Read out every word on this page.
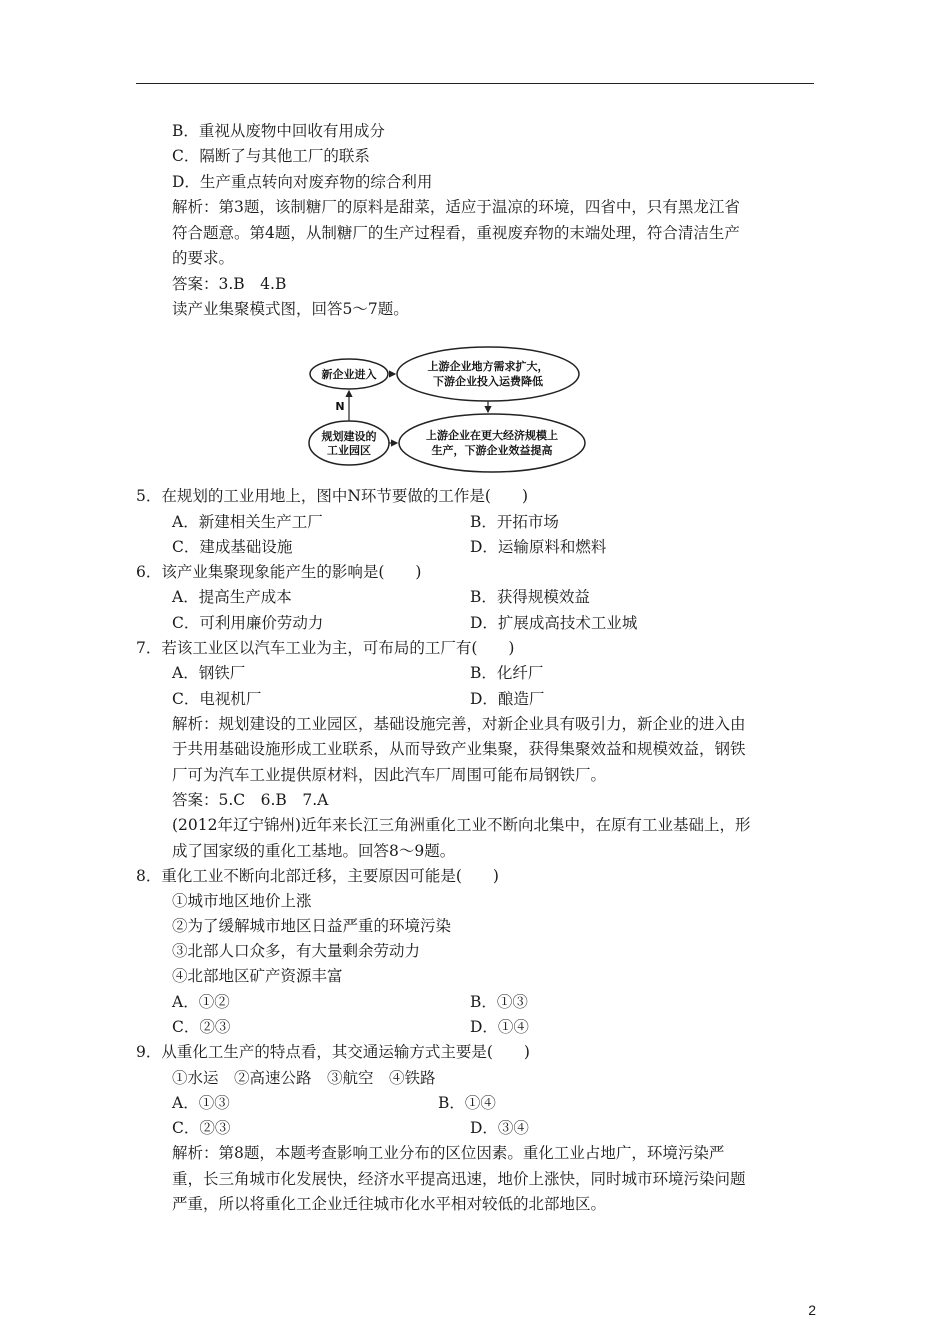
B．重视从废物中回收有用成分
C．隔断了与其他工厂的联系
D．生产重点转向对废弃物的综合利用
解析：第3题，该制糖厂的原料是甜菜，适应于温凉的环境，四省中，只有黑龙江省
符合题意。第4题，从制糖厂的生产过程看，重视废弃物的末端处理，符合清洁生产
的要求。
答案：3.B　4.B
读产业集聚模式图，回答5～7题。
新企业进入
上游企业地方需求扩大，
下游企业投入运费降低
规划建设的
工业园区
上游企业在更大经济规模上
生产，下游企业效益提高
N
5．在规划的工业用地上，图中N环节要做的工作是(　　)
A．新建相关生产工厂	B．开拓市场
C．建成基础设施	D．运输原料和燃料
6．该产业集聚现象能产生的影响是(　　)
A．提高生产成本	B．获得规模效益
C．可利用廉价劳动力	D．扩展成高技术工业城
7．若该工业区以汽车工业为主，可布局的工厂有(　　)
A．钢铁厂	B．化纤厂
C．电视机厂	D．酿造厂
解析：规划建设的工业园区，基础设施完善，对新企业具有吸引力，新企业的进入由
于共用基础设施形成工业联系，从而导致产业集聚，获得集聚效益和规模效益，钢铁
厂可为汽车工业提供原材料，因此汽车厂周围可能布局钢铁厂。
答案：5.C　6.B　7.A
(2012年辽宁锦州)近年来长江三角洲重化工业不断向北集中，在原有工业基础上，形
成了国家级的重化工基地。回答8～9题。
8．重化工业不断向北部迁移，主要原因可能是(　　)
①城市地区地价上涨
②为了缓解城市地区日益严重的环境污染
③北部人口众多，有大量剩余劳动力
④北部地区矿产资源丰富
A．①②	B．①③
C．②③	D．①④
9．从重化工生产的特点看，其交通运输方式主要是(　　)
①水运　②高速公路　③航空　④铁路
A．①③	B．①④
C．②③	D．③④
解析：第8题，本题考查影响工业分布的区位因素。重化工业占地广，环境污染严
重，长三角城市化发展快，经济水平提高迅速，地价上涨快，同时城市环境污染问题
严重，所以将重化工企业迁往城市化水平相对较低的北部地区。
2
